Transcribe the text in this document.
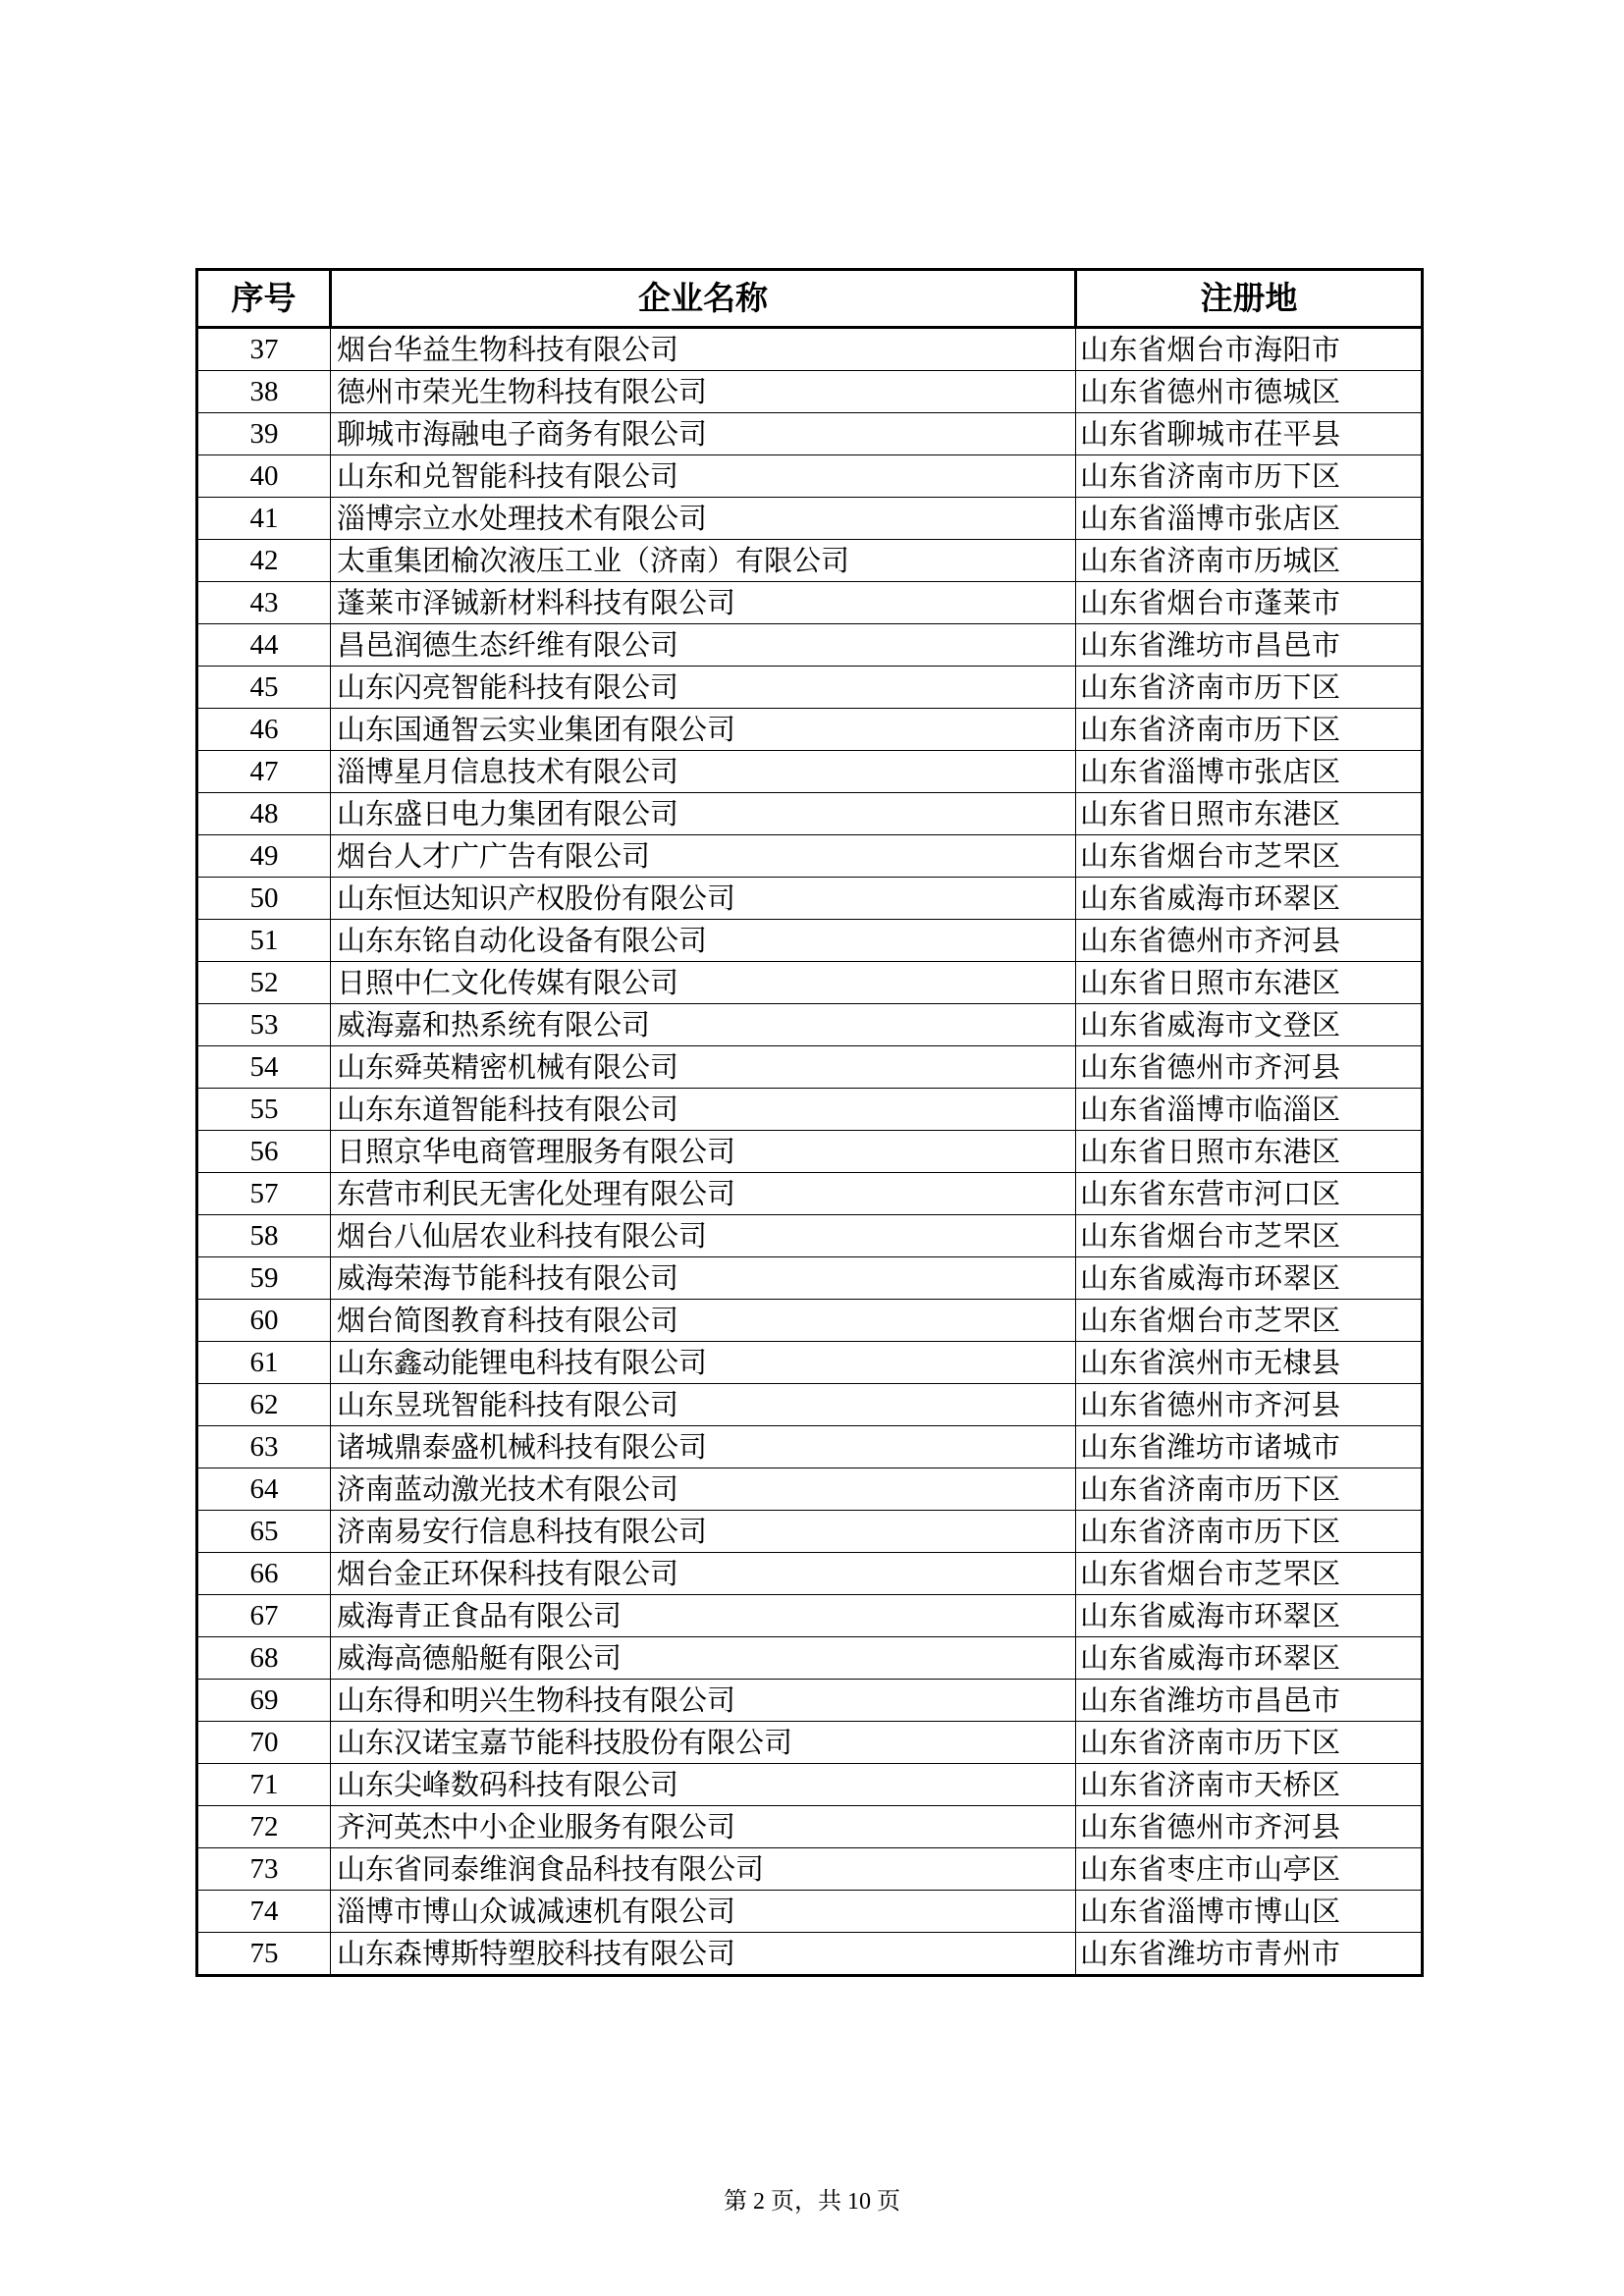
序号	企业名称	注册地
37	烟台华益生物科技有限公司	山东省烟台市海阳市
38	德州市荣光生物科技有限公司	山东省德州市德城区
39	聊城市海融电子商务有限公司	山东省聊城市茌平县
40	山东和兑智能科技有限公司	山东省济南市历下区
41	淄博宗立水处理技术有限公司	山东省淄博市张店区
42	太重集团榆次液压工业（济南）有限公司	山东省济南市历城区
43	蓬莱市泽铖新材料科技有限公司	山东省烟台市蓬莱市
44	昌邑润德生态纤维有限公司	山东省潍坊市昌邑市
45	山东闪亮智能科技有限公司	山东省济南市历下区
46	山东国通智云实业集团有限公司	山东省济南市历下区
47	淄博星月信息技术有限公司	山东省淄博市张店区
48	山东盛日电力集团有限公司	山东省日照市东港区
49	烟台人才广广告有限公司	山东省烟台市芝罘区
50	山东恒达知识产权股份有限公司	山东省威海市环翠区
51	山东东铭自动化设备有限公司	山东省德州市齐河县
52	日照中仁文化传媒有限公司	山东省日照市东港区
53	威海嘉和热系统有限公司	山东省威海市文登区
54	山东舜英精密机械有限公司	山东省德州市齐河县
55	山东东道智能科技有限公司	山东省淄博市临淄区
56	日照京华电商管理服务有限公司	山东省日照市东港区
57	东营市利民无害化处理有限公司	山东省东营市河口区
58	烟台八仙居农业科技有限公司	山东省烟台市芝罘区
59	威海荣海节能科技有限公司	山东省威海市环翠区
60	烟台简图教育科技有限公司	山东省烟台市芝罘区
61	山东鑫动能锂电科技有限公司	山东省滨州市无棣县
62	山东昱珖智能科技有限公司	山东省德州市齐河县
63	诸城鼎泰盛机械科技有限公司	山东省潍坊市诸城市
64	济南蓝动激光技术有限公司	山东省济南市历下区
65	济南易安行信息科技有限公司	山东省济南市历下区
66	烟台金正环保科技有限公司	山东省烟台市芝罘区
67	威海青正食品有限公司	山东省威海市环翠区
68	威海高德船艇有限公司	山东省威海市环翠区
69	山东得和明兴生物科技有限公司	山东省潍坊市昌邑市
70	山东汉诺宝嘉节能科技股份有限公司	山东省济南市历下区
71	山东尖峰数码科技有限公司	山东省济南市天桥区
72	齐河英杰中小企业服务有限公司	山东省德州市齐河县
73	山东省同泰维润食品科技有限公司	山东省枣庄市山亭区
74	淄博市博山众诚减速机有限公司	山东省淄博市博山区
75	山东森博斯特塑胶科技有限公司	山东省潍坊市青州市
第 2 页，共 10 页
